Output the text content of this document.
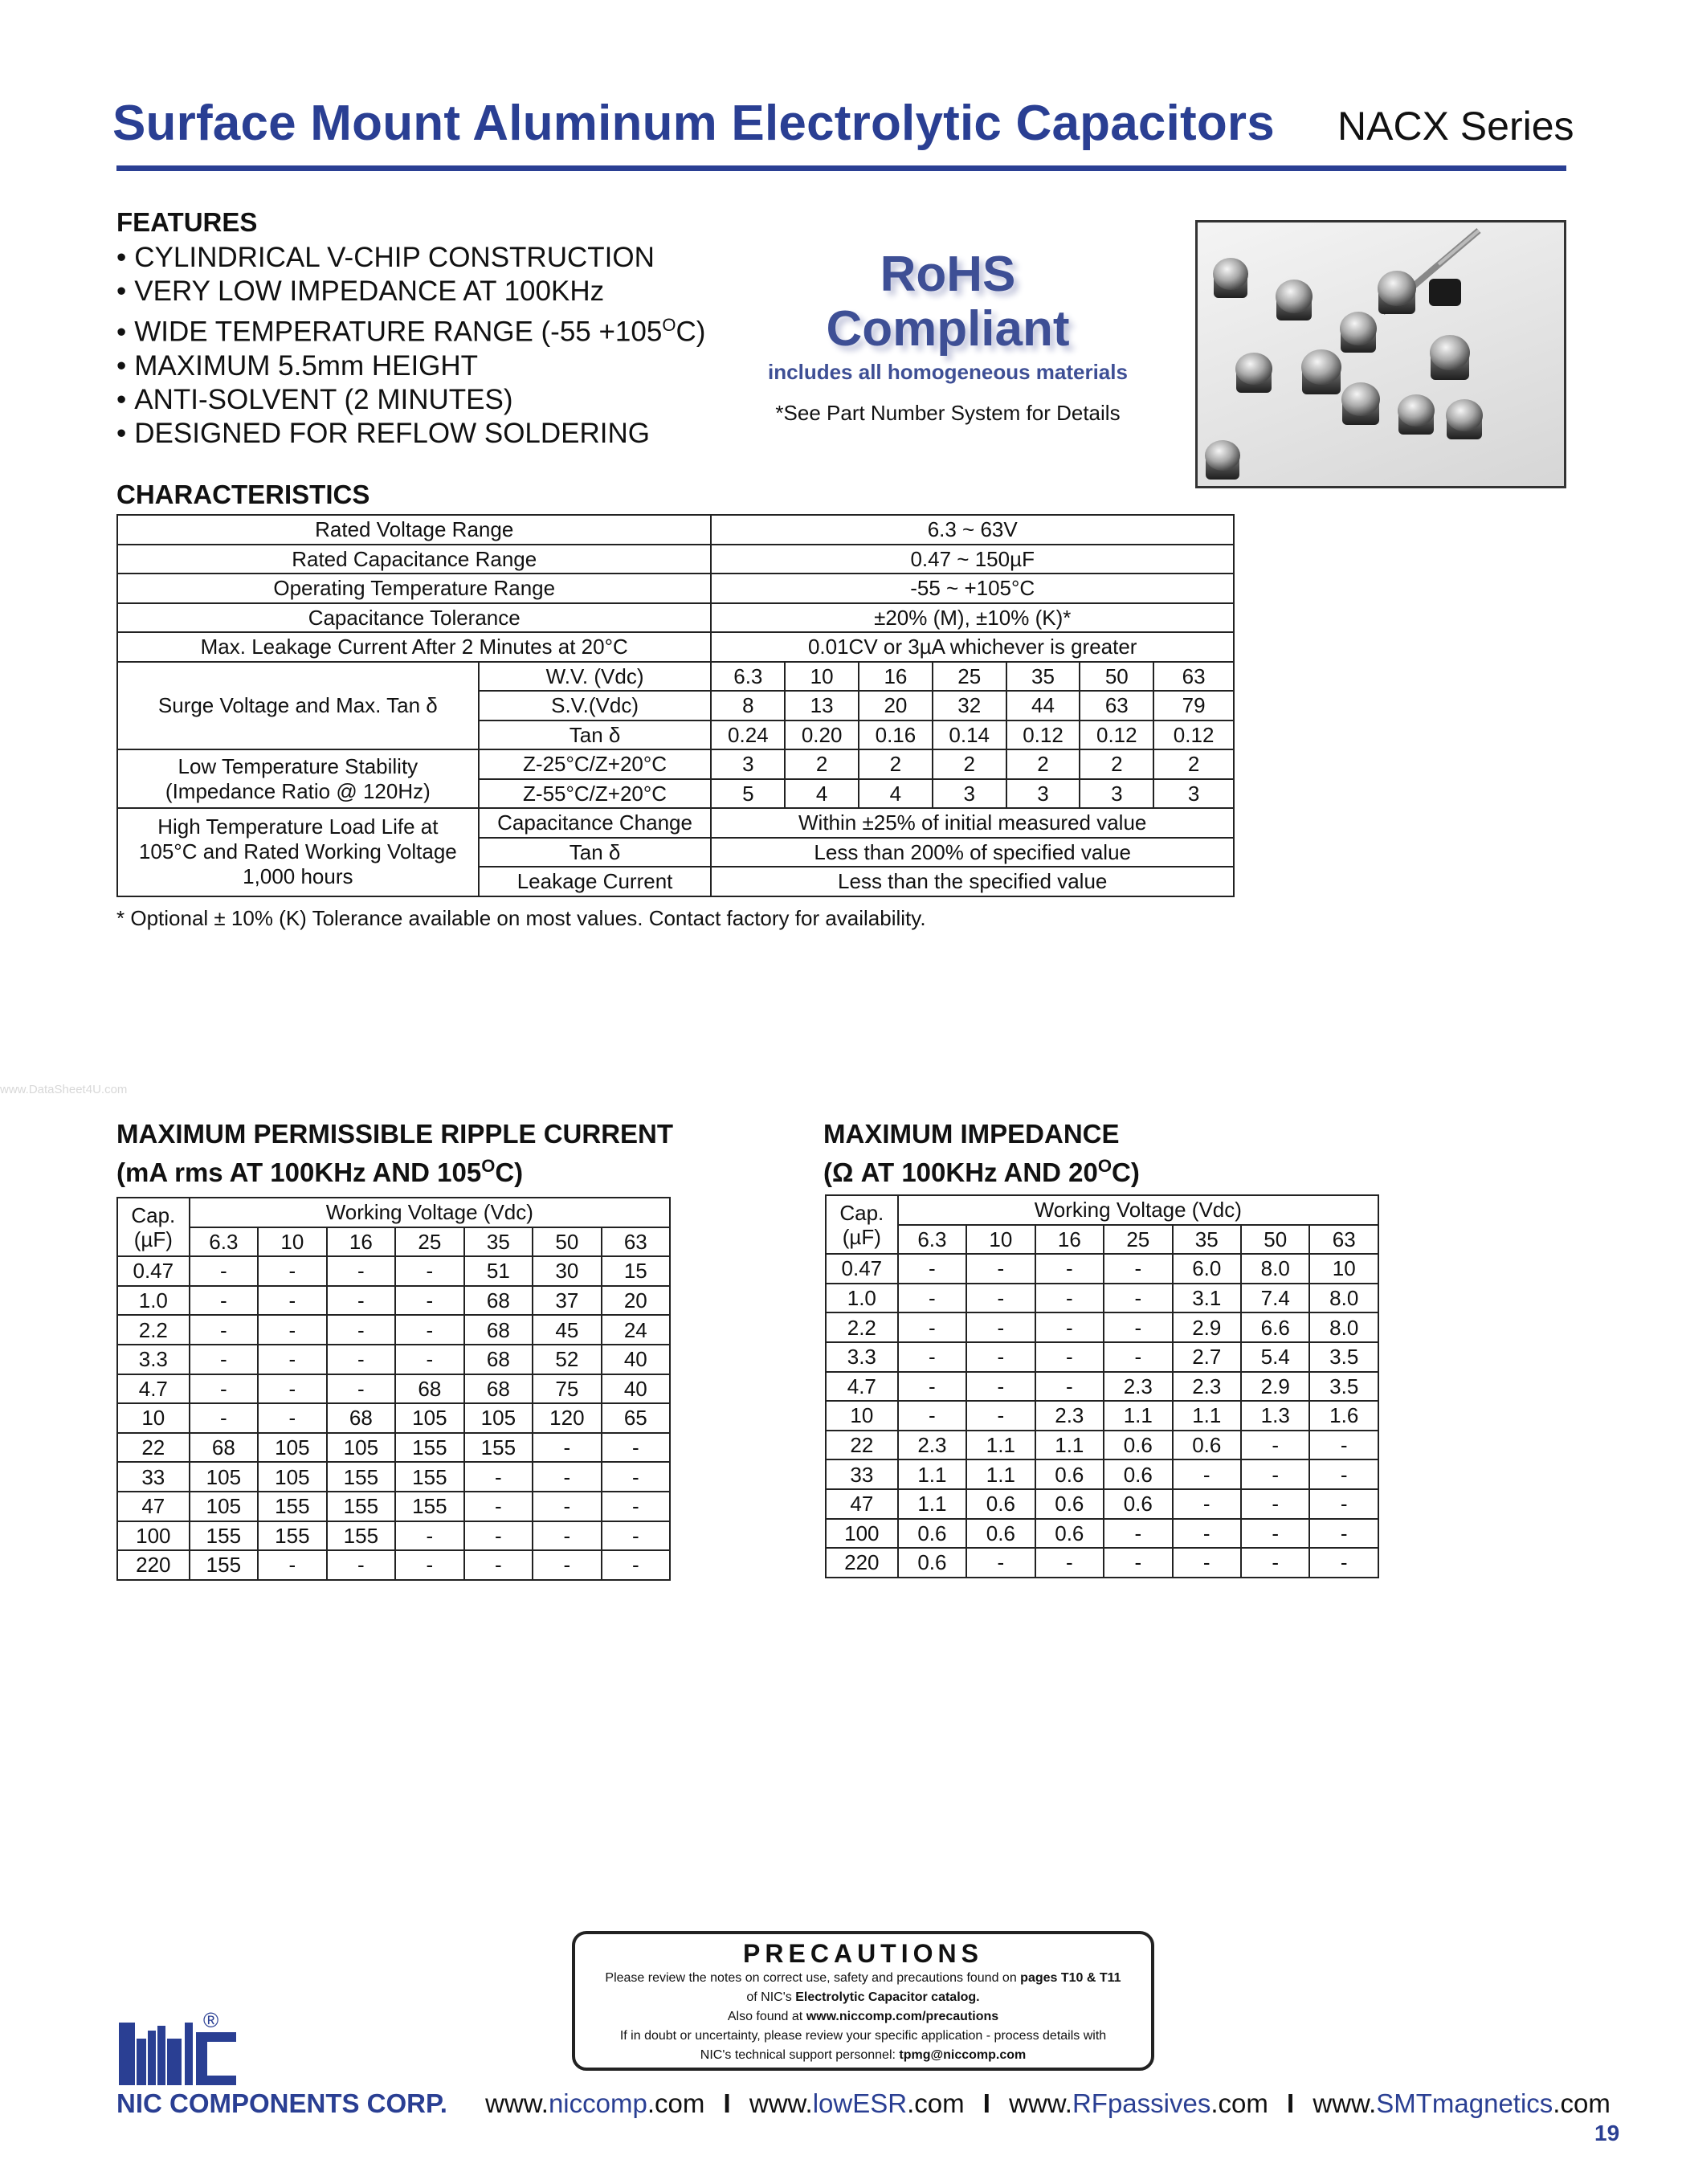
Surface Mount Aluminum Electrolytic Capacitors NACX Series
FEATURES
• CYLINDRICAL V-CHIP CONSTRUCTION
• VERY LOW IMPEDANCE AT 100KHz
• WIDE TEMPERATURE RANGE $(-55 +105^OC)$
• MAXIMUM 5.5mm HEIGHT
• ANTI-SOLVENT (2 MINUTES)
• DESIGNED FOR REFLOW SOLDERING
RoHS
Compliant
includes all homogeneous materials
*See Part Number System for Details
CHARACTERISTICS
Rated Voltage Range		6.3 ~ 63V						
Rated Capacitance Range		0.47 ~ 150µF						
Operating Temperature Range		-55 ~ +105°C						
Capacitance Tolerance		±20% (M), ±10% (K)*						
Max. Leakage Current After 2 Minutes at 20°C		0.01CV or 3µA whichever is greater						
Surge Voltage and Max. Tan δ	W.V. (Vdc)	6.3	10	16	25	35	50	63
	S.V.(Vdc)	8	13	20	32	44	63	79
	Tan δ	0.24	0.20	0.16	0.14	0.12	0.12	0.12

Low Temperature Stability
(Impedance Ratio @ 120Hz)	Z-25°C/Z+20°C	3	2	2	2	2	2	2
	Z-55°C/Z+20°C	5	4	4	3	3	3	3

High Temperature Load Life at
105°C and Rated Working Voltage
1,000 hours	Capacitance Change	Within ±25% of initial measured value						
	Tan δ	Less than 200% of specified value						
	Leakage Current	Less than the specified value						
* Optional ± 10% (K) Tolerance available on most values. Contact factory for availability.
www.DataSheet4U.com
MAXIMUM PERMISSIBLE RIPPLE CURRENT
(mA rms AT 100KHz AND $105^OC$)
Cap.
(µF)	Working Voltage (Vdc)						
	6.3	10	16	25	35	50	63
0.47	-	-	-	-	51	30	15
1.0	-	-	-	-	68	37	20
2.2	-	-	-	-	68	45	24
3.3	-	-	-	-	68	52	40
4.7	-	-	-	68	68	75	40
10	-	-	68	105	105	120	65
22	68	105	105	155	155	-	-
33	105	105	155	155	-	-	-
47	105	155	155	155	-	-	-
100	155	155	155	-	-	-	-
220	155	-	-	-	-	-	-
MAXIMUM IMPEDANCE
(Ω AT 100KHz AND $20^OC$)
Cap.
(µF)	Working Voltage (Vdc)						
	6.3	10	16	25	35	50	63
0.47	-	-	-	-	6.0	8.0	10
1.0	-	-	-	-	3.1	7.4	8.0
2.2	-	-	-	-	2.9	6.6	8.0
3.3	-	-	-	-	2.7	5.4	3.5
4.7	-	-	-	2.3	2.3	2.9	3.5
10	-	-	2.3	1.1	1.1	1.3	1.6
22	2.3	1.1	1.1	0.6	0.6	-	-
33	1.1	1.1	0.6	0.6	-	-	-
47	1.1	0.6	0.6	0.6	-	-	-
100	0.6	0.6	0.6	-	-	-	-
220	0.6	-	-	-	-	-	-
PRECAUTIONS

Please review the notes on correct use, safety and precautions found on pages T10 & T11

of NIC's Electrolytic Capacitor catalog.

Also found at www.niccomp.com/precautions

If in doubt or uncertainty, please review your specific application - process details with

NIC's technical support personnel: tpmg@niccomp.com

®
NIC COMPONENTS CORP. www.niccomp.com I www.lowESR.com I www.RFpassives.com I www.SMTmagnetics.com
19
